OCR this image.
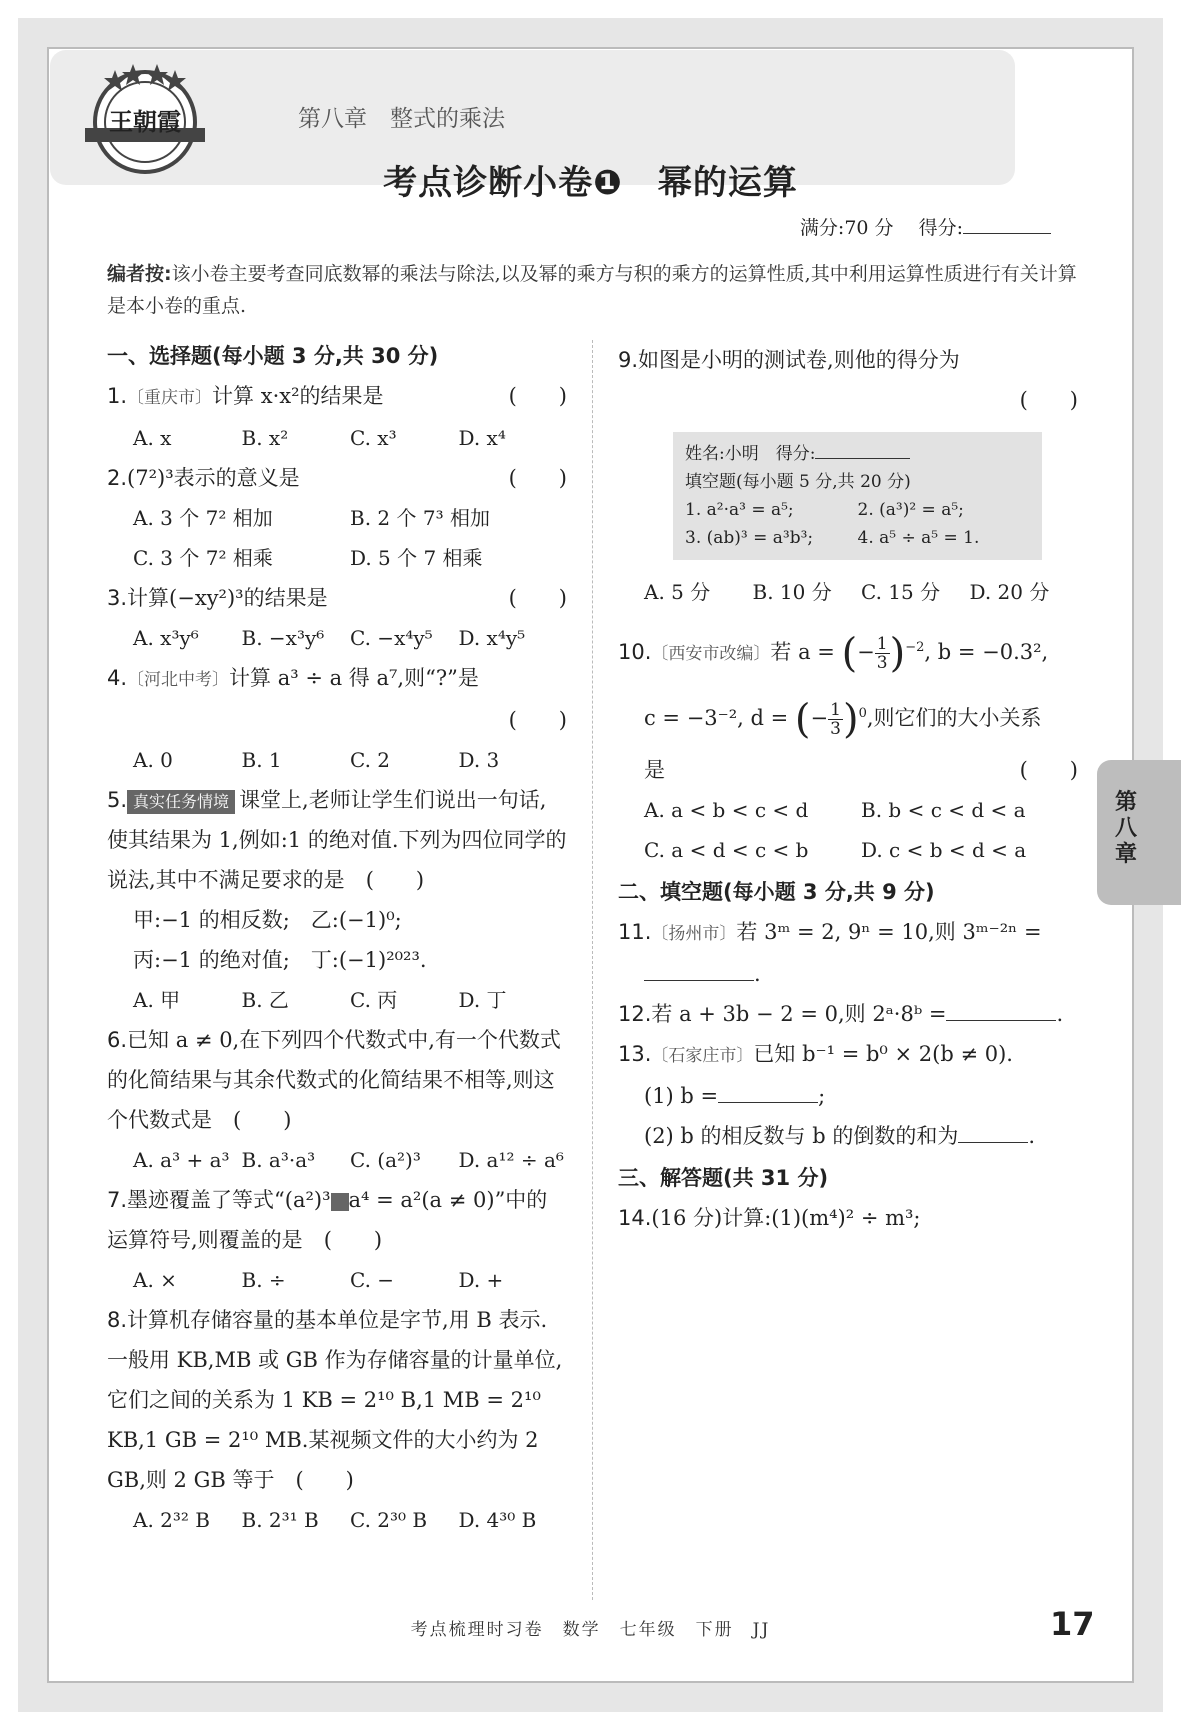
王朝霞	第八章　整式的乘法
考点诊断小卷❶　幂的运算
满分:70 分　 得分:
编者按:该小卷主要考查同底数幂的乘法与除法,以及幂的乘方与积的乘方的运算性质,其中利用运算性质进行有关计算是本小卷的重点.
一、选择题(每小题 3 分,共 30 分)
1.〔重庆市〕计算 x·x²的结果是	(　　)
A. x	B. x²	C. x³	D. x⁴
2.(7²)³表示的意义是	(　　)
A. 3 个 7² 相加	B. 2 个 7³ 相加
C. 3 个 7² 相乘	D. 5 个 7 相乘
3.计算(−xy²)³的结果是	(　　)
A. x³y⁶	B. −x³y⁶	C. −x⁴y⁵	D. x⁴y⁵
4.〔河北中考〕计算 a³ ÷ a 得 a⁷,则“?”是
(　　)
A. 0	B. 1	C. 2	D. 3
5. 真实任务情境 课堂上,老师让学生们说出一句话,使其结果为 1,例如:1 的绝对值.下列为四位同学的说法,其中不满足要求的是　 (　　)
甲:−1 的相反数;　乙:(−1)⁰;
丙:−1 的绝对值;　丁:(−1)²⁰²³.
A. 甲	B. 乙	C. 丙	D. 丁
6.已知 a ≠ 0,在下列四个代数式中,有一个代数式的化简结果与其余代数式的化简结果不相等,则这个代数式是　 (　　)
A. a³ + a³ B. a³·a³	C. (a²)³	D. a¹² ÷ a⁶
7.墨迹覆盖了等式“(a²)³ a⁴ = a²(a ≠ 0)”中的运算符号,则覆盖的是　 (　　)
A. ×	B. ÷	C. −	D. +
8.计算机存储容量的基本单位是字节,用 B 表示.一般用 KB,MB 或 GB 作为存储容量的计量单位,它们之间的关系为 1 KB = 2¹⁰ B,1 MB = 2¹⁰ KB,1 GB = 2¹⁰ MB.某视频文件的大小约为 2 GB,则 2 GB 等于　 (　　)
A. 2³² B	B. 2³¹ B	C. 2³⁰ B	D. 4³⁰ B
9.如图是小明的测试卷,则他的得分为
(　　)
姓名:小明　得分:
填空题(每小题 5 分,共 20 分)
1. a²·a³ = a⁵;	2. (a³)² = a⁵;
3. (ab)³ = a³b³;	4. a⁵ ÷ a⁵ = 1.
A. 5 分	B. 10 分	C. 15 分	D. 20 分
10.〔西安市改编〕若 a = (− $\frac{1}{3} )^{-2}$, b = −0.3²,
c = −3⁻², d = (− $\frac{1}{3} )^0$,则它们的大小关系
是	(　　)
A. a < b < c < d	B. b < c < d < a
C. a < d < c < b	D. c < b < d < a
二、填空题(每小题 3 分,共 9 分)
11.〔扬州市〕若 3ᵐ = 2, 9ⁿ = 10,则 3ᵐ⁻²ⁿ =
.
12.若 a + 3b − 2 = 0,则 2ᵃ·8ᵇ =	.
13.〔石家庄市〕已知 b⁻¹ = b⁰ × 2(b ≠ 0).
(1) b =	;
(2) b 的相反数与 b 的倒数的和为	.
三、解答题(共 31 分)
14.(16 分)计算:(1)(m⁴)² ÷ m³;
第八章
考点梳理时习卷　数学　七年级　下册　JJ	17
